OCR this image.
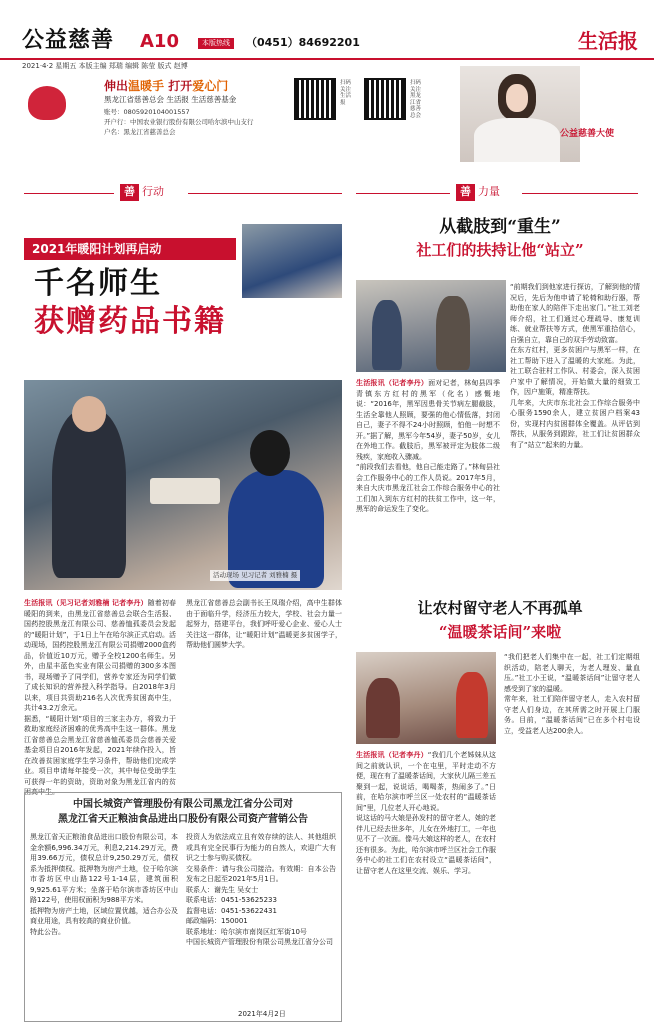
公益慈善 A10	本版热线	（0451）84692201	生活报
2021·4·2 星期五 本版主编 郑瑞 编辑 陈莹 版式 赵博
伸出温暖手 打开爱心门
黑龙江省慈善总会 生活报 生活慈善基金
账号：0805920104001557
开户行：中国农业银行股份有限公司哈尔滨中山支行
户名：黑龙江省慈善总会
扫码关注生活报
扫码关注黑龙江省慈善总会
公益慈善大使
善 行动
2021年暖阳计划再启动
千名师生
获赠药品书籍
活动现场 见习记者 刘雅楠 摄
生活报讯（见习记者刘雅楠 记者李丹）随着初春暖阳的到来，由黑龙江省慈善总会联合生活报、国药控股黑龙江有限公司、慈善恤孤委员会发起的“暖阳计划”，于1日上午在哈尔滨正式启动。活动现场，国药控股黑龙江有限公司捐赠2000盒药品，价值近10万元，赠予全校1200名师生。另外，由星丰蓝色实业有限公司捐赠的300多本图书，现场赠予了同学们，营养专家还为同学们做了成长知识的营养授入科学指导。自2018年3月以来，项目共资助216名人次优秀贫困高中生，共计43.2万余元。
据悉，“暖阳计划”项目的三家主办方，将致力于救助家庭经济困难的优秀高中生这一群体。黑龙江省慈善总会黑龙江省慈善恤孤委员会慈善关爱基金项目自2016年发起，2021年续作投入，旨在改善贫困家庭学生学习条件，帮助他们完成学业。项目申请每年接受一次，其中每位受助学生可获得一年的资助，资助对象为黑龙江省内的贫困高中生。
黑龙江省慈善总会副书长王凤瑞介绍，高中生群体由于面临升学，经济压力较大，学校、社会力量一起努力，搭建平台，我们呼吁爱心企业、爱心人士关注这一群体，让“暖阳计划”温暖更多贫困学子，帮助他们圆梦大学。
中国长城资产管理股份有限公司黑龙江省分公司对
黑龙江省天正粮油食品进出口股份有限公司资产营销公告
黑龙江省天正粮油食品进出口股份有限公司，本金余额6,996.34万元，利息2,214.29万元，费用39.66万元，债权总计9,250.29万元，债权系为抵押债权。抵押物为房产土地，位于哈尔滨市香坊区中山路122号1-14层，建筑面积9,925.61平方米；坐落于哈尔滨市香坊区中山路122号，使用权面积为988平方米。
抵押物为房产土地，区域位置优越，适合办公及商业用途，具有较高的商业价值。
特此公告。
投资人为依法成立且有效存续的法人、其他组织或具有完全民事行为能力的自然人，欢迎广大有识之士参与购买债权。
交易条件：请与我公司接洽。有效期：自本公告发布之日起至2021年5月1日。
联系人：谢先生 吴女士
联系电话：0451-53625233
监督电话：0451-53622431
邮政编码：150001
联系地址：哈尔滨市南岗区红军街10号
中国长城资产管理股份有限公司黑龙江省分公司
2021年4月2日
善 力量
从截肢到“重生”
社工们的扶持让他“站立”
生活报讯（记者李丹）面对记者，林甸县四季青镇东方红村的黑军（化名）感慨地说：“2016年，黑军因患骨关节病左腿截肢，生活全靠他人照顾，要强的他心情低落，封闭自己，妻子不得不24小时照顾，怕他一时想不开。”据了解，黑军今年54岁，妻子50岁，女儿在外地工作。截肢后，黑军被评定为肢体二级残疾，家庭收入骤减。
“前段我们去看他，他自己能走路了。”林甸县社会工作服务中心的工作人员说。2017年5月，来自大庆市黑龙江社会工作综合服务中心的社工们加入到东方红村的扶贫工作中，这一年，黑军的命运发生了变化。
“前期我们到他家进行探访，了解到他的情况后，先后为他申请了轮椅和助行器，帮助他在家人的陪伴下走出家门。”社工刘老师介绍，社工们通过心理疏导、康复训练、就业帮扶等方式，使黑军重拾信心，自强自立，靠自己的双手劳动致富。
在东方红村，更多贫困户与黑军一样，在社工帮助下进入了温暖的大家庭。为此，社工联合驻村工作队、村委会，深入贫困户家中了解情况，开始做大量的细致工作，因户施策，精准帮扶。
几年来，大庆市东北社会工作综合服务中心服务1590余人，建立贫困户档案43份，实现村内贫困群体全覆盖。从评估到帮扶，从服务到跟踪，社工们让贫困群众有了“站立”起来的力量。
让农村留守老人不再孤单
“温暖茶话间”来啦
生活报讯（记者李丹）“我们几个老姊妹从这间之前就认识，一个在屯里，平时走动不方便，现在有了温暖茶话间，大家伙儿隔三差五聚到一起，说说话，喝喝茶，热闹多了。”日前，在哈尔滨市呼兰区一处农村的“温暖茶话间”里，几位老人开心地说。
说这话的马大娘是孙发村的留守老人，她的老伴儿已经去世多年，儿女在外地打工，一年也见不了一次面。像马大娘这样的老人，在农村还有很多。为此，哈尔滨市呼兰区社会工作服务中心的社工们在农村设立“温暖茶话间”，让留守老人在这里交流、娱乐、学习。
“我们把老人们集中在一起，社工们定期组织活动，陪老人聊天，为老人理发、量血压。”社工小王说，“温暖茶话间”让留守老人感受到了家的温暖。
常年来，社工们陪伴留守老人，走入农村留守老人们身边，在其所需之时开展上门服务。目前，“温暖茶话间”已在多个村屯设立，受益老人达200余人。
